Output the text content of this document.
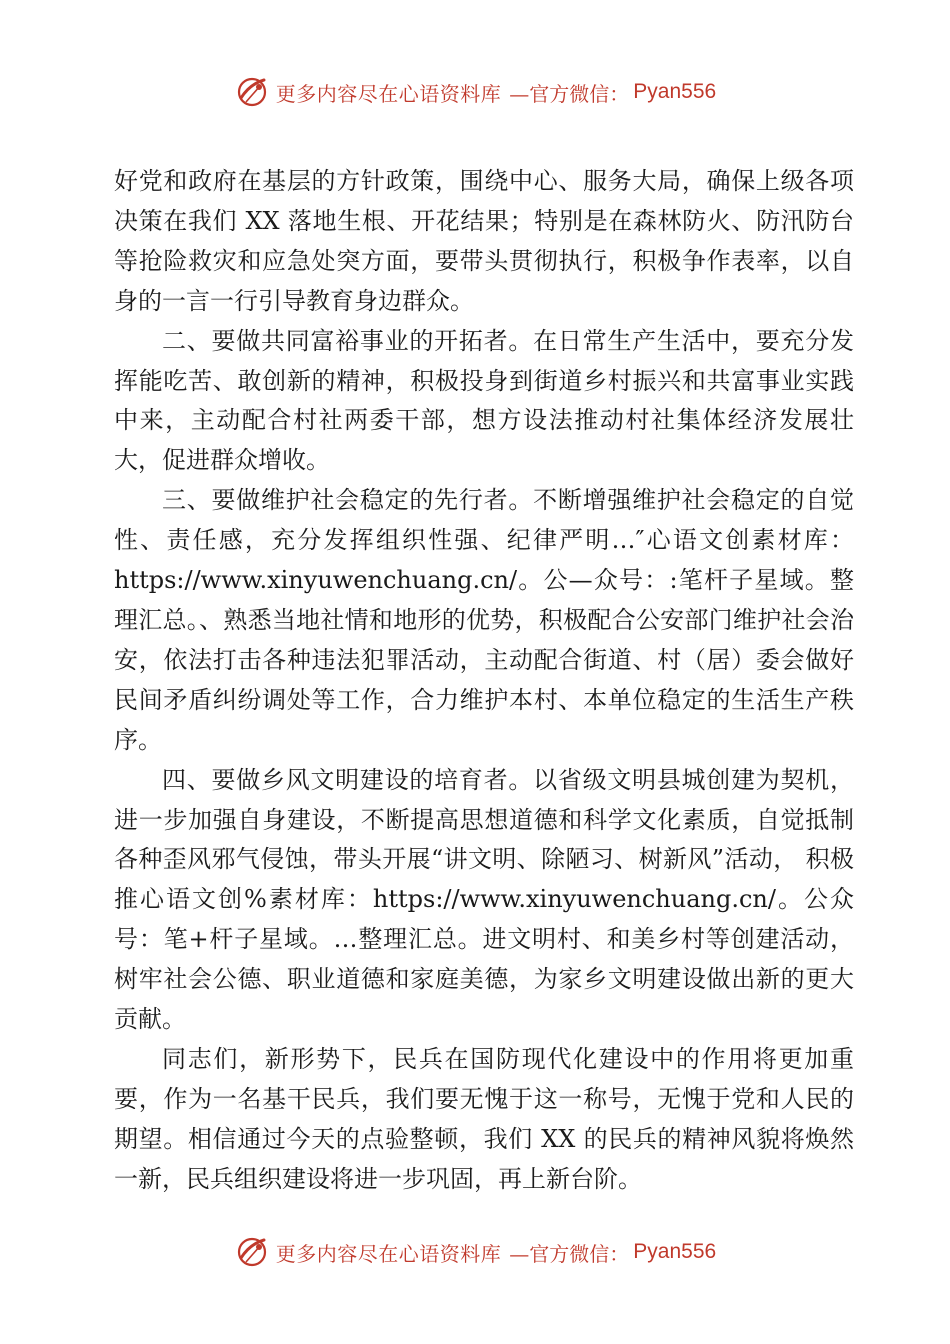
更多内容尽在心语资料库 —官方微信： Pyan556

好党和政府在基层的方针政策，围绕中心、服务大局，确保上级各项决策在我们 XX 落地生根、开花结果；特别是在森林防火、防汛防台等抢险救灾和应急处突方面，要带头贯彻执行，积极争作表率，以自身的一言一行引导教育身边群众。

二、要做共同富裕事业的开拓者。在日常生产生活中，要充分发挥能吃苦、敢创新的精神，积极投身到街道乡村振兴和共富事业实践中来，主动配合村社两委干部，想方设法推动村社集体经济发展壮大，促进群众增收。

三、要做维护社会稳定的先行者。不断增强维护社会稳定的自觉性、责任感，充分发挥组织性强、纪律严明…″心语文创素材库：https://www.xinyuwenchuang.cn/。公—众号：:笔杆子星域。整理汇总。、熟悉当地社情和地形的优势，积极配合公安部门维护社会治安，依法打击各种违法犯罪活动，主动配合街道、村（居）委会做好民间矛盾纠纷调处等工作，合力维护本村、本单位稳定的生活生产秩序。

四、要做乡风文明建设的培育者。以省级文明县城创建为契机，进一步加强自身建设，不断提高思想道德和科学文化素质，自觉抵制各种歪风邪气侵蚀，带头开展“讲文明、除陋习、树新风”活动， 积极推心语文创%素材库：https://www.xinyuwenchuang.cn/。公众号：笔+杆子星域。…整理汇总。进文明村、和美乡村等创建活动，树牢社会公德、职业道德和家庭美德，为家乡文明建设做出新的更大贡献。

同志们，新形势下，民兵在国防现代化建设中的作用将更加重要，作为一名基干民兵，我们要无愧于这一称号，无愧于党和人民的期望。相信通过今天的点验整顿，我们 XX 的民兵的精神风貌将焕然一新，民兵组织建设将进一步巩固，再上新台阶。

更多内容尽在心语资料库 —官方微信： Pyan556
